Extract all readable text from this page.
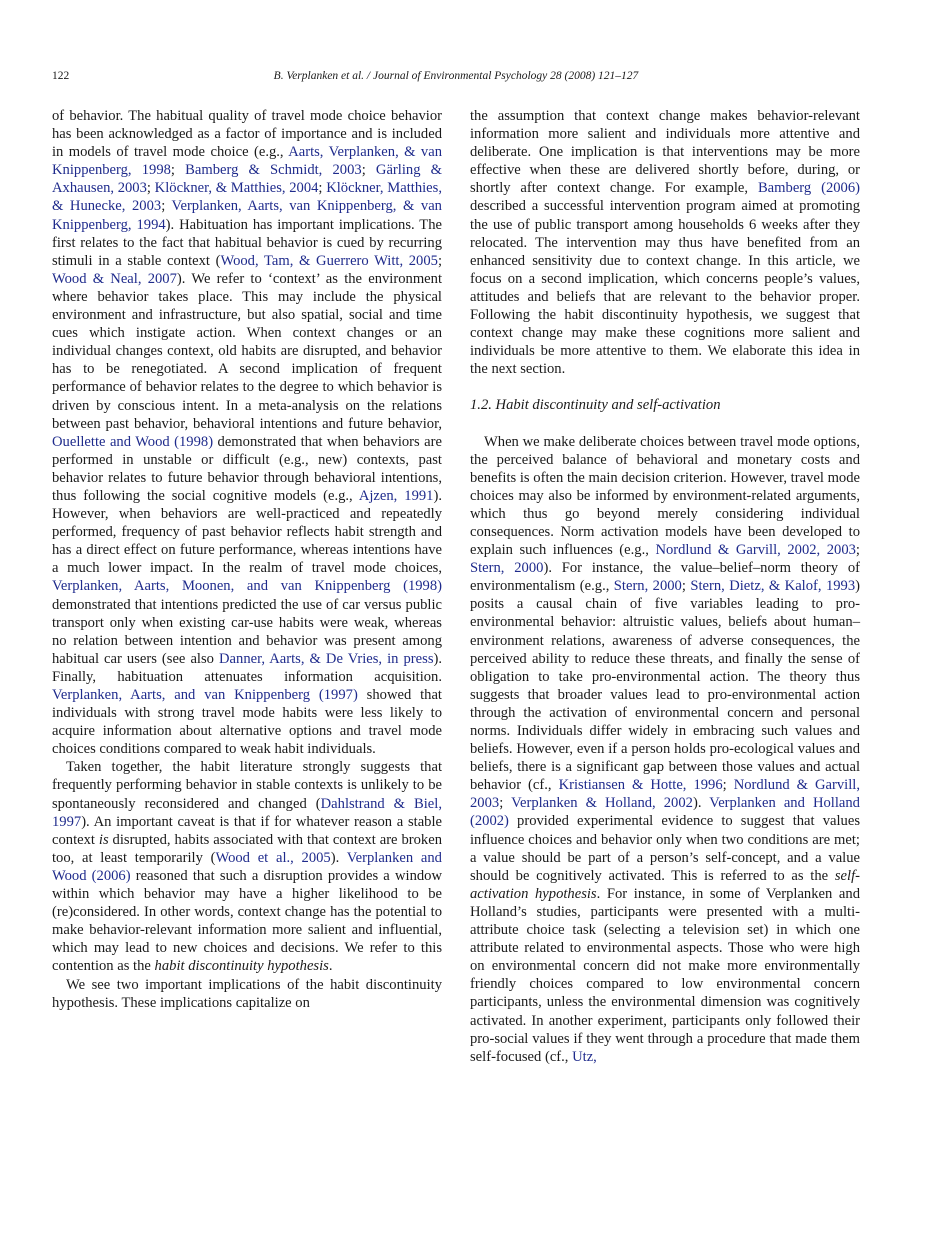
122	B. Verplanken et al. / Journal of Environmental Psychology 28 (2008) 121–127

of behavior. The habitual quality of travel mode choice behavior has been acknowledged as a factor of importance and is included in models of travel mode choice (e.g., Aarts, Verplanken, & van Knippenberg, 1998; Bamberg & Schmidt, 2003; Gärling & Axhausen, 2003; Klöckner, & Matthies, 2004; Klöckner, Matthies, & Hunecke, 2003; Verplanken, Aarts, van Knippenberg, & van Knippenberg, 1994). Habituation has important implications. The first relates to the fact that habitual behavior is cued by recurring stimuli in a stable context (Wood, Tam, & Guerrero Witt, 2005; Wood & Neal, 2007). We refer to ‘context’ as the environment where behavior takes place. This may include the physical environment and infrastructure, but also spatial, social and time cues which instigate action. When context changes or an individual changes context, old habits are disrupted, and behavior has to be renegotiated. A second implication of frequent performance of behavior relates to the degree to which behavior is driven by conscious intent. In a meta-analysis on the relations between past behavior, behavioral intentions and future behavior, Ouellette and Wood (1998) demonstrated that when behaviors are performed in unstable or difficult (e.g., new) contexts, past behavior relates to future behavior through behavioral intentions, thus following the social cognitive models (e.g., Ajzen, 1991). However, when behaviors are well-practiced and repeatedly performed, frequency of past behavior reflects habit strength and has a direct effect on future performance, whereas intentions have a much lower impact. In the realm of travel mode choices, Verplanken, Aarts, Moonen, and van Knippenberg (1998) demonstrated that intentions predicted the use of car versus public transport only when existing car-use habits were weak, whereas no relation between intention and behavior was present among habitual car users (see also Danner, Aarts, & De Vries, in press). Finally, habituation attenuates information acquisition. Verplanken, Aarts, and van Knippenberg (1997) showed that individuals with strong travel mode habits were less likely to acquire information about alternative options and travel mode choices conditions compared to weak habit individuals.

Taken together, the habit literature strongly suggests that frequently performing behavior in stable contexts is unlikely to be spontaneously reconsidered and changed (Dahlstrand & Biel, 1997). An important caveat is that if for whatever reason a stable context is disrupted, habits associated with that context are broken too, at least temporarily (Wood et al., 2005). Verplanken and Wood (2006) reasoned that such a disruption provides a window within which behavior may have a higher likelihood to be (re)considered. In other words, context change has the potential to make behavior-relevant information more salient and influential, which may lead to new choices and decisions. We refer to this contention as the habit discontinuity hypothesis.

We see two important implications of the habit discontinuity hypothesis. These implications capitalize on

the assumption that context change makes behavior-relevant information more salient and individuals more attentive and deliberate. One implication is that interventions may be more effective when these are delivered shortly before, during, or shortly after context change. For example, Bamberg (2006) described a successful intervention program aimed at promoting the use of public transport among households 6 weeks after they relocated. The intervention may thus have benefited from an enhanced sensitivity due to context change. In this article, we focus on a second implication, which concerns people’s values, attitudes and beliefs that are relevant to the behavior proper. Following the habit discontinuity hypothesis, we suggest that context change may make these cognitions more salient and individuals be more attentive to them. We elaborate this idea in the next section.

1.2. Habit discontinuity and self-activation

When we make deliberate choices between travel mode options, the perceived balance of behavioral and monetary costs and benefits is often the main decision criterion. However, travel mode choices may also be informed by environment-related arguments, which thus go beyond merely considering individual consequences. Norm activation models have been developed to explain such influences (e.g., Nordlund & Garvill, 2002, 2003; Stern, 2000). For instance, the value–belief–norm theory of environmentalism (e.g., Stern, 2000; Stern, Dietz, & Kalof, 1993) posits a causal chain of five variables leading to pro-environmental behavior: altruistic values, beliefs about human–environment relations, awareness of adverse consequences, the perceived ability to reduce these threats, and finally the sense of obligation to take pro-environmental action. The theory thus suggests that broader values lead to pro-environmental action through the activation of environmental concern and personal norms. Individuals differ widely in embracing such values and beliefs. However, even if a person holds pro-ecological values and beliefs, there is a significant gap between those values and actual behavior (cf., Kristiansen & Hotte, 1996; Nordlund & Garvill, 2003; Verplanken & Holland, 2002). Verplanken and Holland (2002) provided experimental evidence to suggest that values influence choices and behavior only when two conditions are met; a value should be part of a person’s self-concept, and a value should be cognitively activated. This is referred to as the self-activation hypothesis. For instance, in some of Verplanken and Holland’s studies, participants were presented with a multi-attribute choice task (selecting a television set) in which one attribute related to environmental aspects. Those who were high on environmental concern did not make more environmentally friendly choices compared to low environmental concern participants, unless the environmental dimension was cognitively activated. In another experiment, participants only followed their pro-social values if they went through a procedure that made them self-focused (cf., Utz,
